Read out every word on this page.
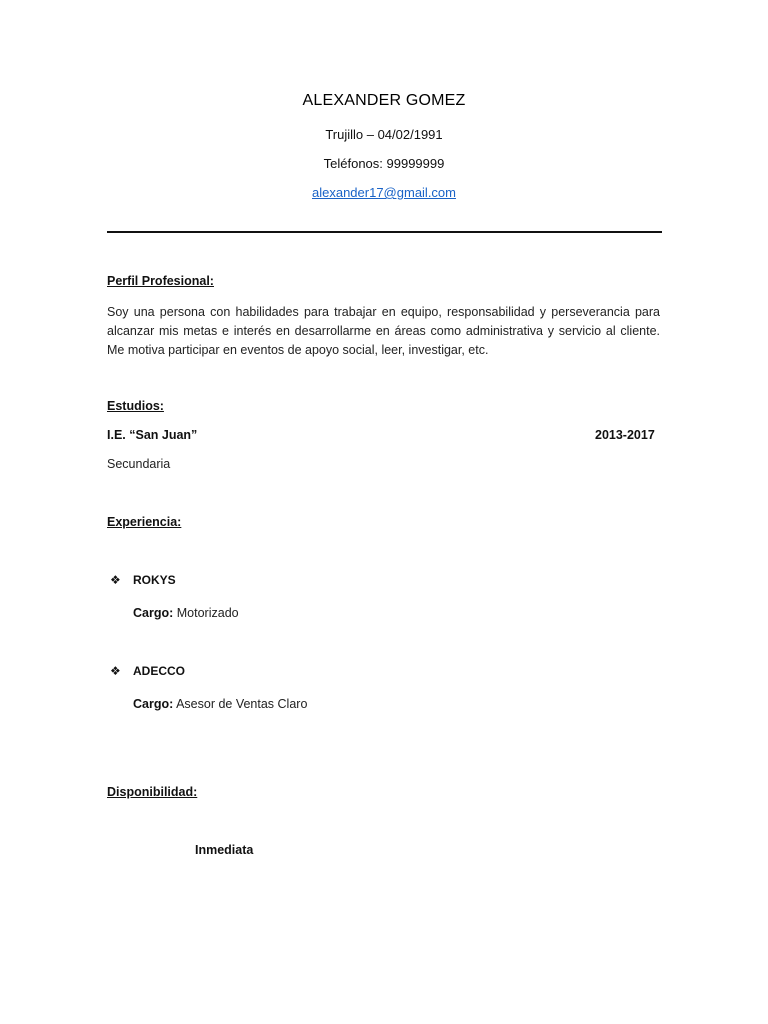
ALEXANDER GOMEZ
Trujillo – 04/02/1991
Teléfonos: 99999999
alexander17@gmail.com
Perfil Profesional:

Soy una persona con habilidades para trabajar en equipo, responsabilidad y perseverancia para alcanzar mis metas e interés en desarrollarme en áreas como administrativa y servicio al cliente. Me motiva participar en eventos de apoyo social, leer, investigar, etc.

Estudios:
I.E. “San Juan”	2013-2017
Secundaria
Experiencia:
❖ ROKYS
Cargo: Motorizado
❖ ADECCO
Cargo: Asesor de Ventas Claro
Disponibilidad:
Inmediata
